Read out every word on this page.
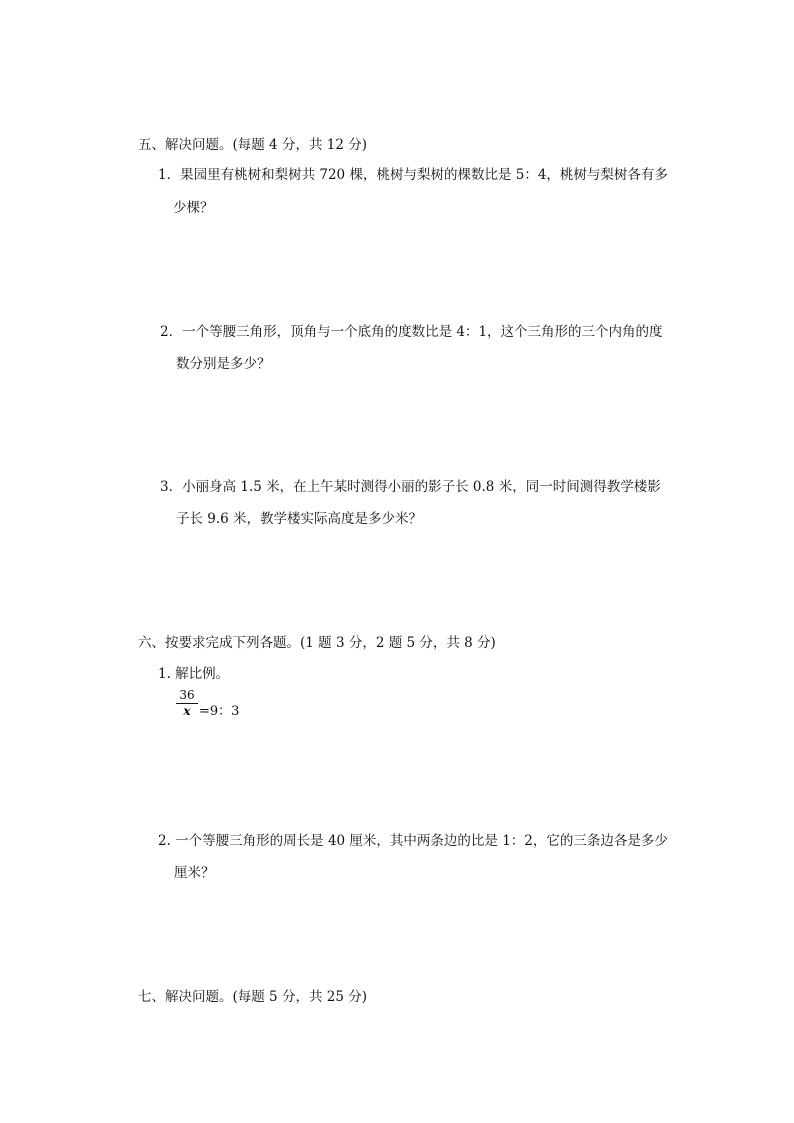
五、解决问题。(每题 4 分，共 12 分)
1．果园里有桃树和梨树共 720 棵，桃树与梨树的棵数比是 5：4，桃树与梨树各有多
少棵？
2．一个等腰三角形，顶角与一个底角的度数比是 4：1，这个三角形的三个内角的度
数分别是多少？
3．小丽身高 1.5 米，在上午某时测得小丽的影子长 0.8 米，同一时间测得教学楼影
子长 9.6 米，教学楼实际高度是多少米？
六、按要求完成下列各题。(1 题 3 分，2 题 5 分，共 8 分)
1. 解比例。
36
x =9：3
2. 一个等腰三角形的周长是 40 厘米，其中两条边的比是 1：2，它的三条边各是多少
厘米？
七、解决问题。(每题 5 分，共 25 分)
